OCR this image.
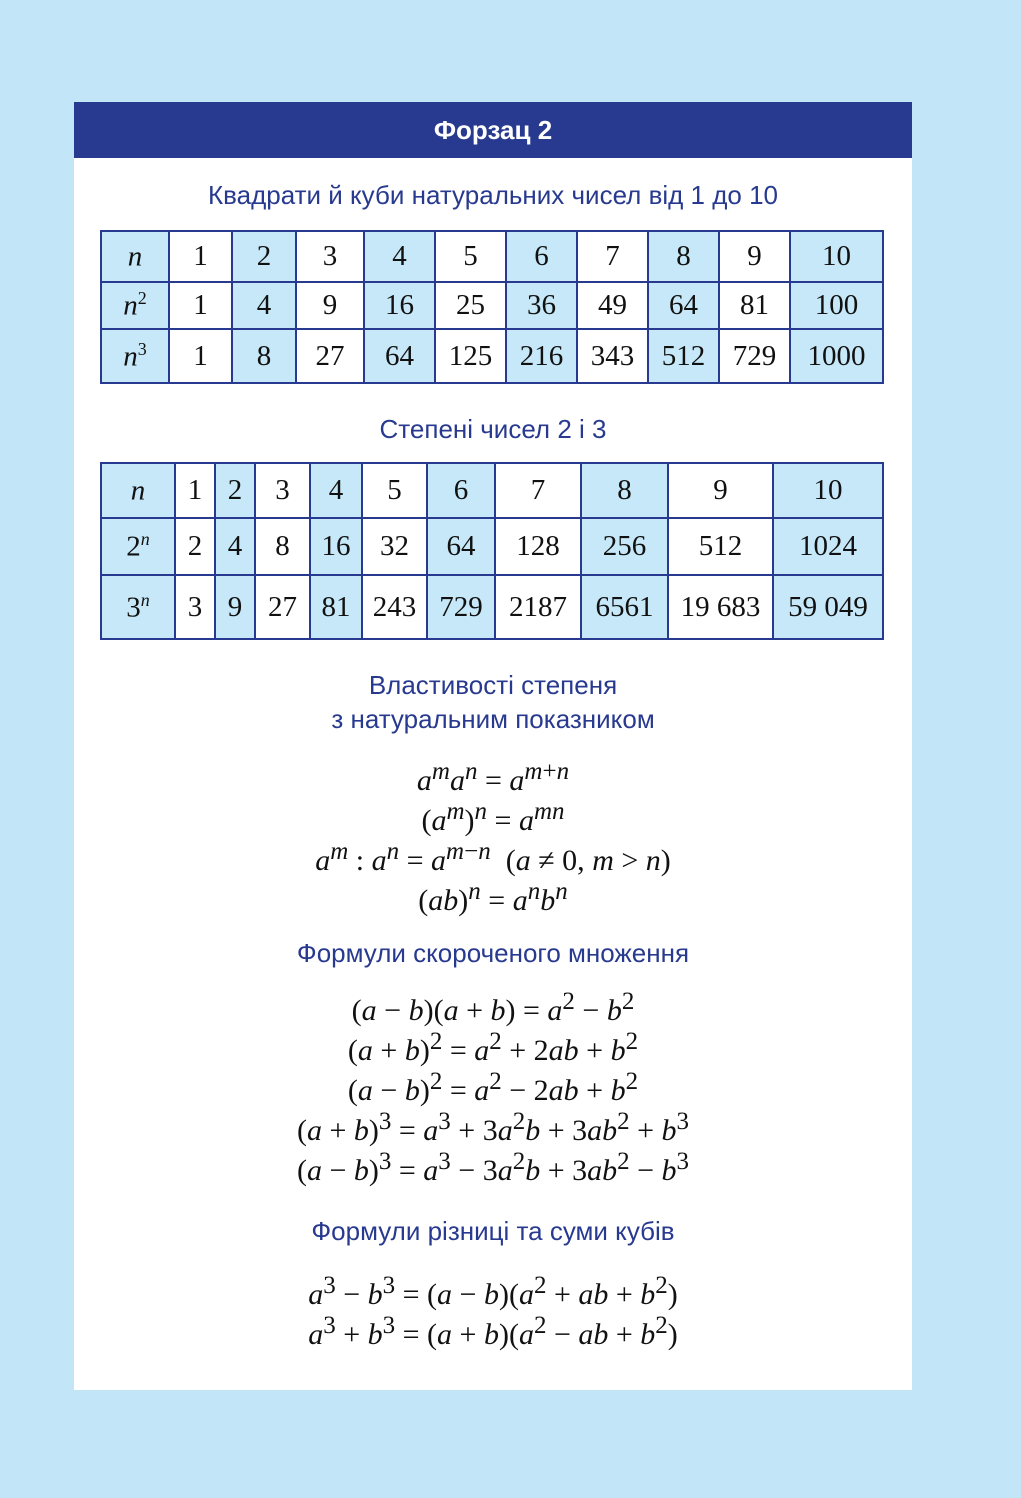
Форзац 2
Квадрати й куби натуральних чисел від 1 до 10
n	1	2	3	4	5	6	7	8	9	10
$n^2$	1	4	9	16	25	36	49	64	81	100
$n^3$	1	8	27	64	125	216	343	512	729	1000
Степені чисел 2 і 3
n	1	2	3	4	5	6	7	8	9	10
2$^n$	2	4	8	16	32	64	128	256	512	1024
3$^n$	3	9	27	81	243	729	2187	6561	19 683	59 049
Властивості степеня
з натуральним показником
$a^ma^n = a^{m+n}$
$(a^m)^n = a^{mn}$
$a^m$ : $a^n = a^{m-n}$  (a ≠ 0, m > n)
$(ab)^n = a^nb^n$
Формули скороченого множення
$(a - b)(a + b) = a^2 - b^2$
$(a + b)^2 = a^2 + 2ab + b^2$
$(a - b)^2 = a^2 - 2ab + b^2$
$(a + b)^3 = a^3 + 3a^2b + 3ab^2 + b^3$
$(a - b)^3 = a^3 - 3a^2b + 3ab^2 - b^3$
Формули різниці та суми кубів
$a^3 - b^3 = (a - b)(a^2$ + ab + $b^2$)
$a^3 + b^3 = (a + b)(a^2$ − ab + $b^2$)
